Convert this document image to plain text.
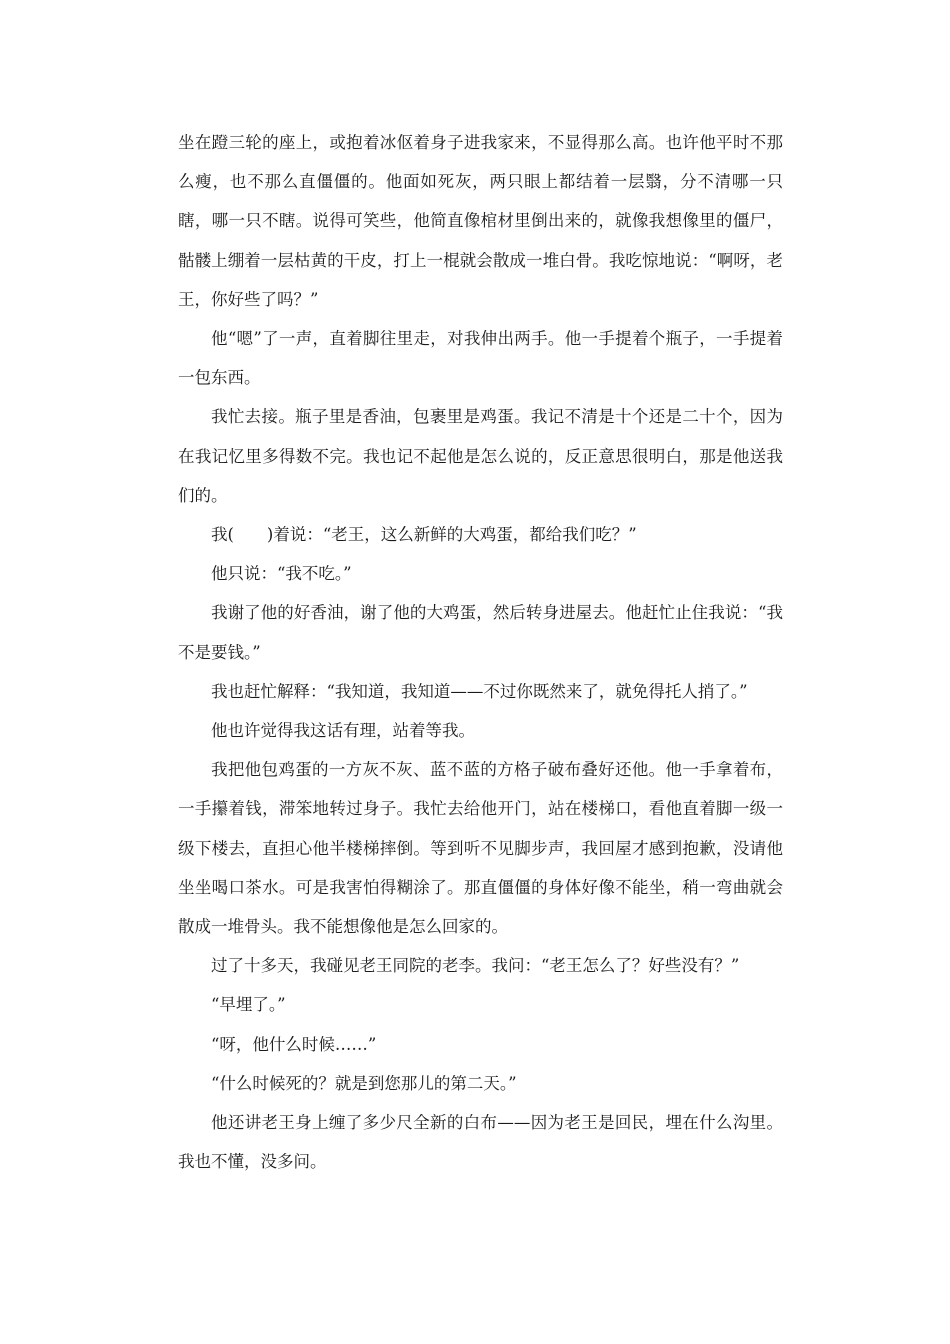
坐在蹬三轮的座上，或抱着冰伛着身子进我家来，不显得那么高。也许他平时不那么瘦，也不那么直僵僵的。他面如死灰，两只眼上都结着一层翳，分不清哪一只瞎，哪一只不瞎。说得可笑些，他简直像棺材里倒出来的，就像我想像里的僵尸，骷髅上绷着一层枯黄的干皮，打上一棍就会散成一堆白骨。我吃惊地说：“啊呀，老王，你好些了吗？”

他“嗯”了一声，直着脚往里走，对我伸出两手。他一手提着个瓶子，一手提着一包东西。

我忙去接。瓶子里是香油，包裹里是鸡蛋。我记不清是十个还是二十个，因为在我记忆里多得数不完。我也记不起他是怎么说的，反正意思很明白，那是他送我们的。

我(　　)着说：“老王，这么新鲜的大鸡蛋，都给我们吃？”

他只说：“我不吃。”

我谢了他的好香油，谢了他的大鸡蛋，然后转身进屋去。他赶忙止住我说：“我不是要钱。”

我也赶忙解释：“我知道，我知道——不过你既然来了，就免得托人捎了。”

他也许觉得我这话有理，站着等我。

我把他包鸡蛋的一方灰不灰、蓝不蓝的方格子破布叠好还他。他一手拿着布，一手攥着钱，滞笨地转过身子。我忙去给他开门，站在楼梯口，看他直着脚一级一级下楼去，直担心他半楼梯摔倒。等到听不见脚步声，我回屋才感到抱歉，没请他坐坐喝口茶水。可是我害怕得糊涂了。那直僵僵的身体好像不能坐，稍一弯曲就会散成一堆骨头。我不能想像他是怎么回家的。

过了十多天，我碰见老王同院的老李。我问：“老王怎么了？好些没有？”

“早埋了。”

“呀，他什么时候……”

“什么时候死的？就是到您那儿的第二天。”

他还讲老王身上缠了多少尺全新的白布——因为老王是回民，埋在什么沟里。我也不懂，没多问。
